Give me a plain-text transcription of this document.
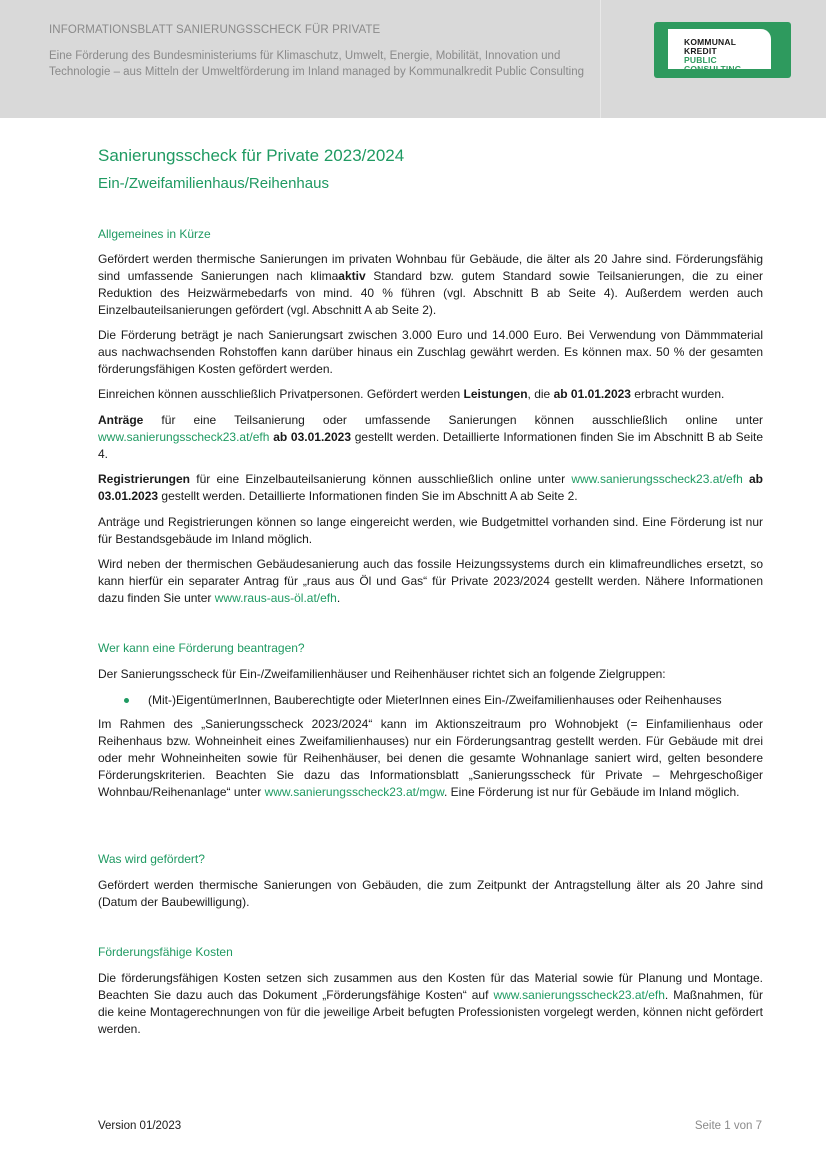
INFORMATIONSBLATT SANIERUNGSSCHECK FÜR PRIVATE
Eine Förderung des Bundesministeriums für Klimaschutz, Umwelt, Energie, Mobilität, Innovation und Technologie – aus Mitteln der Umweltförderung im Inland managed by Kommunalkredit Public Consulting
KOMMUNAL
KREDIT
PUBLIC CONSULTING
Sanierungsscheck für Private 2023/2024
Ein-/Zweifamilienhaus/Reihenhaus
Allgemeines in Kürze
Gefördert werden thermische Sanierungen im privaten Wohnbau für Gebäude, die älter als 20 Jahre sind. Förderungsfähig sind umfassende Sanierungen nach klimaaktiv Standard bzw. gutem Standard sowie Teilsanierungen, die zu einer Reduktion des Heizwärmebedarfs von mind. 40 % führen (vgl. Abschnitt B ab Seite 4). Außerdem werden auch Einzelbauteilsanierungen gefördert (vgl. Abschnitt A ab Seite 2).
Die Förderung beträgt je nach Sanierungsart zwischen 3.000 Euro und 14.000 Euro. Bei Verwendung von Dämmmaterial aus nachwachsenden Rohstoffen kann darüber hinaus ein Zuschlag gewährt werden. Es können max. 50 % der gesamten förderungsfähigen Kosten gefördert werden.
Einreichen können ausschließlich Privatpersonen. Gefördert werden Leistungen, die ab 01.01.2023 erbracht wurden.
Anträge für eine Teilsanierung oder umfassende Sanierungen können ausschließlich online unter www.sanierungsscheck23.at/efh ab 03.01.2023 gestellt werden. Detaillierte Informationen finden Sie im Abschnitt B ab Seite 4.
Registrierungen für eine Einzelbauteilsanierung können ausschließlich online unter www.sanierungsscheck23.at/efh ab 03.01.2023 gestellt werden. Detaillierte Informationen finden Sie im Abschnitt A ab Seite 2.
Anträge und Registrierungen können so lange eingereicht werden, wie Budgetmittel vorhanden sind. Eine Förderung ist nur für Bestandsgebäude im Inland möglich.
Wird neben der thermischen Gebäudesanierung auch das fossile Heizungssystems durch ein klimafreundliches ersetzt, so kann hierfür ein separater Antrag für „raus aus Öl und Gas“ für Private 2023/2024 gestellt werden. Nähere Informationen dazu finden Sie unter www.raus-aus-öl.at/efh.
Wer kann eine Förderung beantragen?
Der Sanierungsscheck für Ein-/Zweifamilienhäuser und Reihenhäuser richtet sich an folgende Zielgruppen:
(Mit-)EigentümerInnen, Bauberechtigte oder MieterInnen eines Ein-/Zweifamilienhauses oder Reihenhauses
Im Rahmen des „Sanierungsscheck 2023/2024“ kann im Aktionszeitraum pro Wohnobjekt (= Einfamilienhaus oder Reihenhaus bzw. Wohneinheit eines Zweifamilienhauses) nur ein Förderungsantrag gestellt werden. Für Gebäude mit drei oder mehr Wohneinheiten sowie für Reihenhäuser, bei denen die gesamte Wohnanlage saniert wird, gelten besondere Förderungskriterien. Beachten Sie dazu das Informationsblatt „Sanierungsscheck für Private – Mehrgeschoßiger Wohnbau/Reihenanlage“ unter www.sanierungsscheck23.at/mgw. Eine Förderung ist nur für Gebäude im Inland möglich.
Was wird gefördert?
Gefördert werden thermische Sanierungen von Gebäuden, die zum Zeitpunkt der Antragstellung älter als 20 Jahre sind (Datum der Baubewilligung).
Förderungsfähige Kosten
Die förderungsfähigen Kosten setzen sich zusammen aus den Kosten für das Material sowie für Planung und Montage. Beachten Sie dazu auch das Dokument „Förderungsfähige Kosten“ auf www.sanierungsscheck23.at/efh. Maßnahmen, für die keine Montagerechnungen von für die jeweilige Arbeit befugten Professionisten vorgelegt werden, können nicht gefördert werden.
Version 01/2023	Seite 1 von 7
